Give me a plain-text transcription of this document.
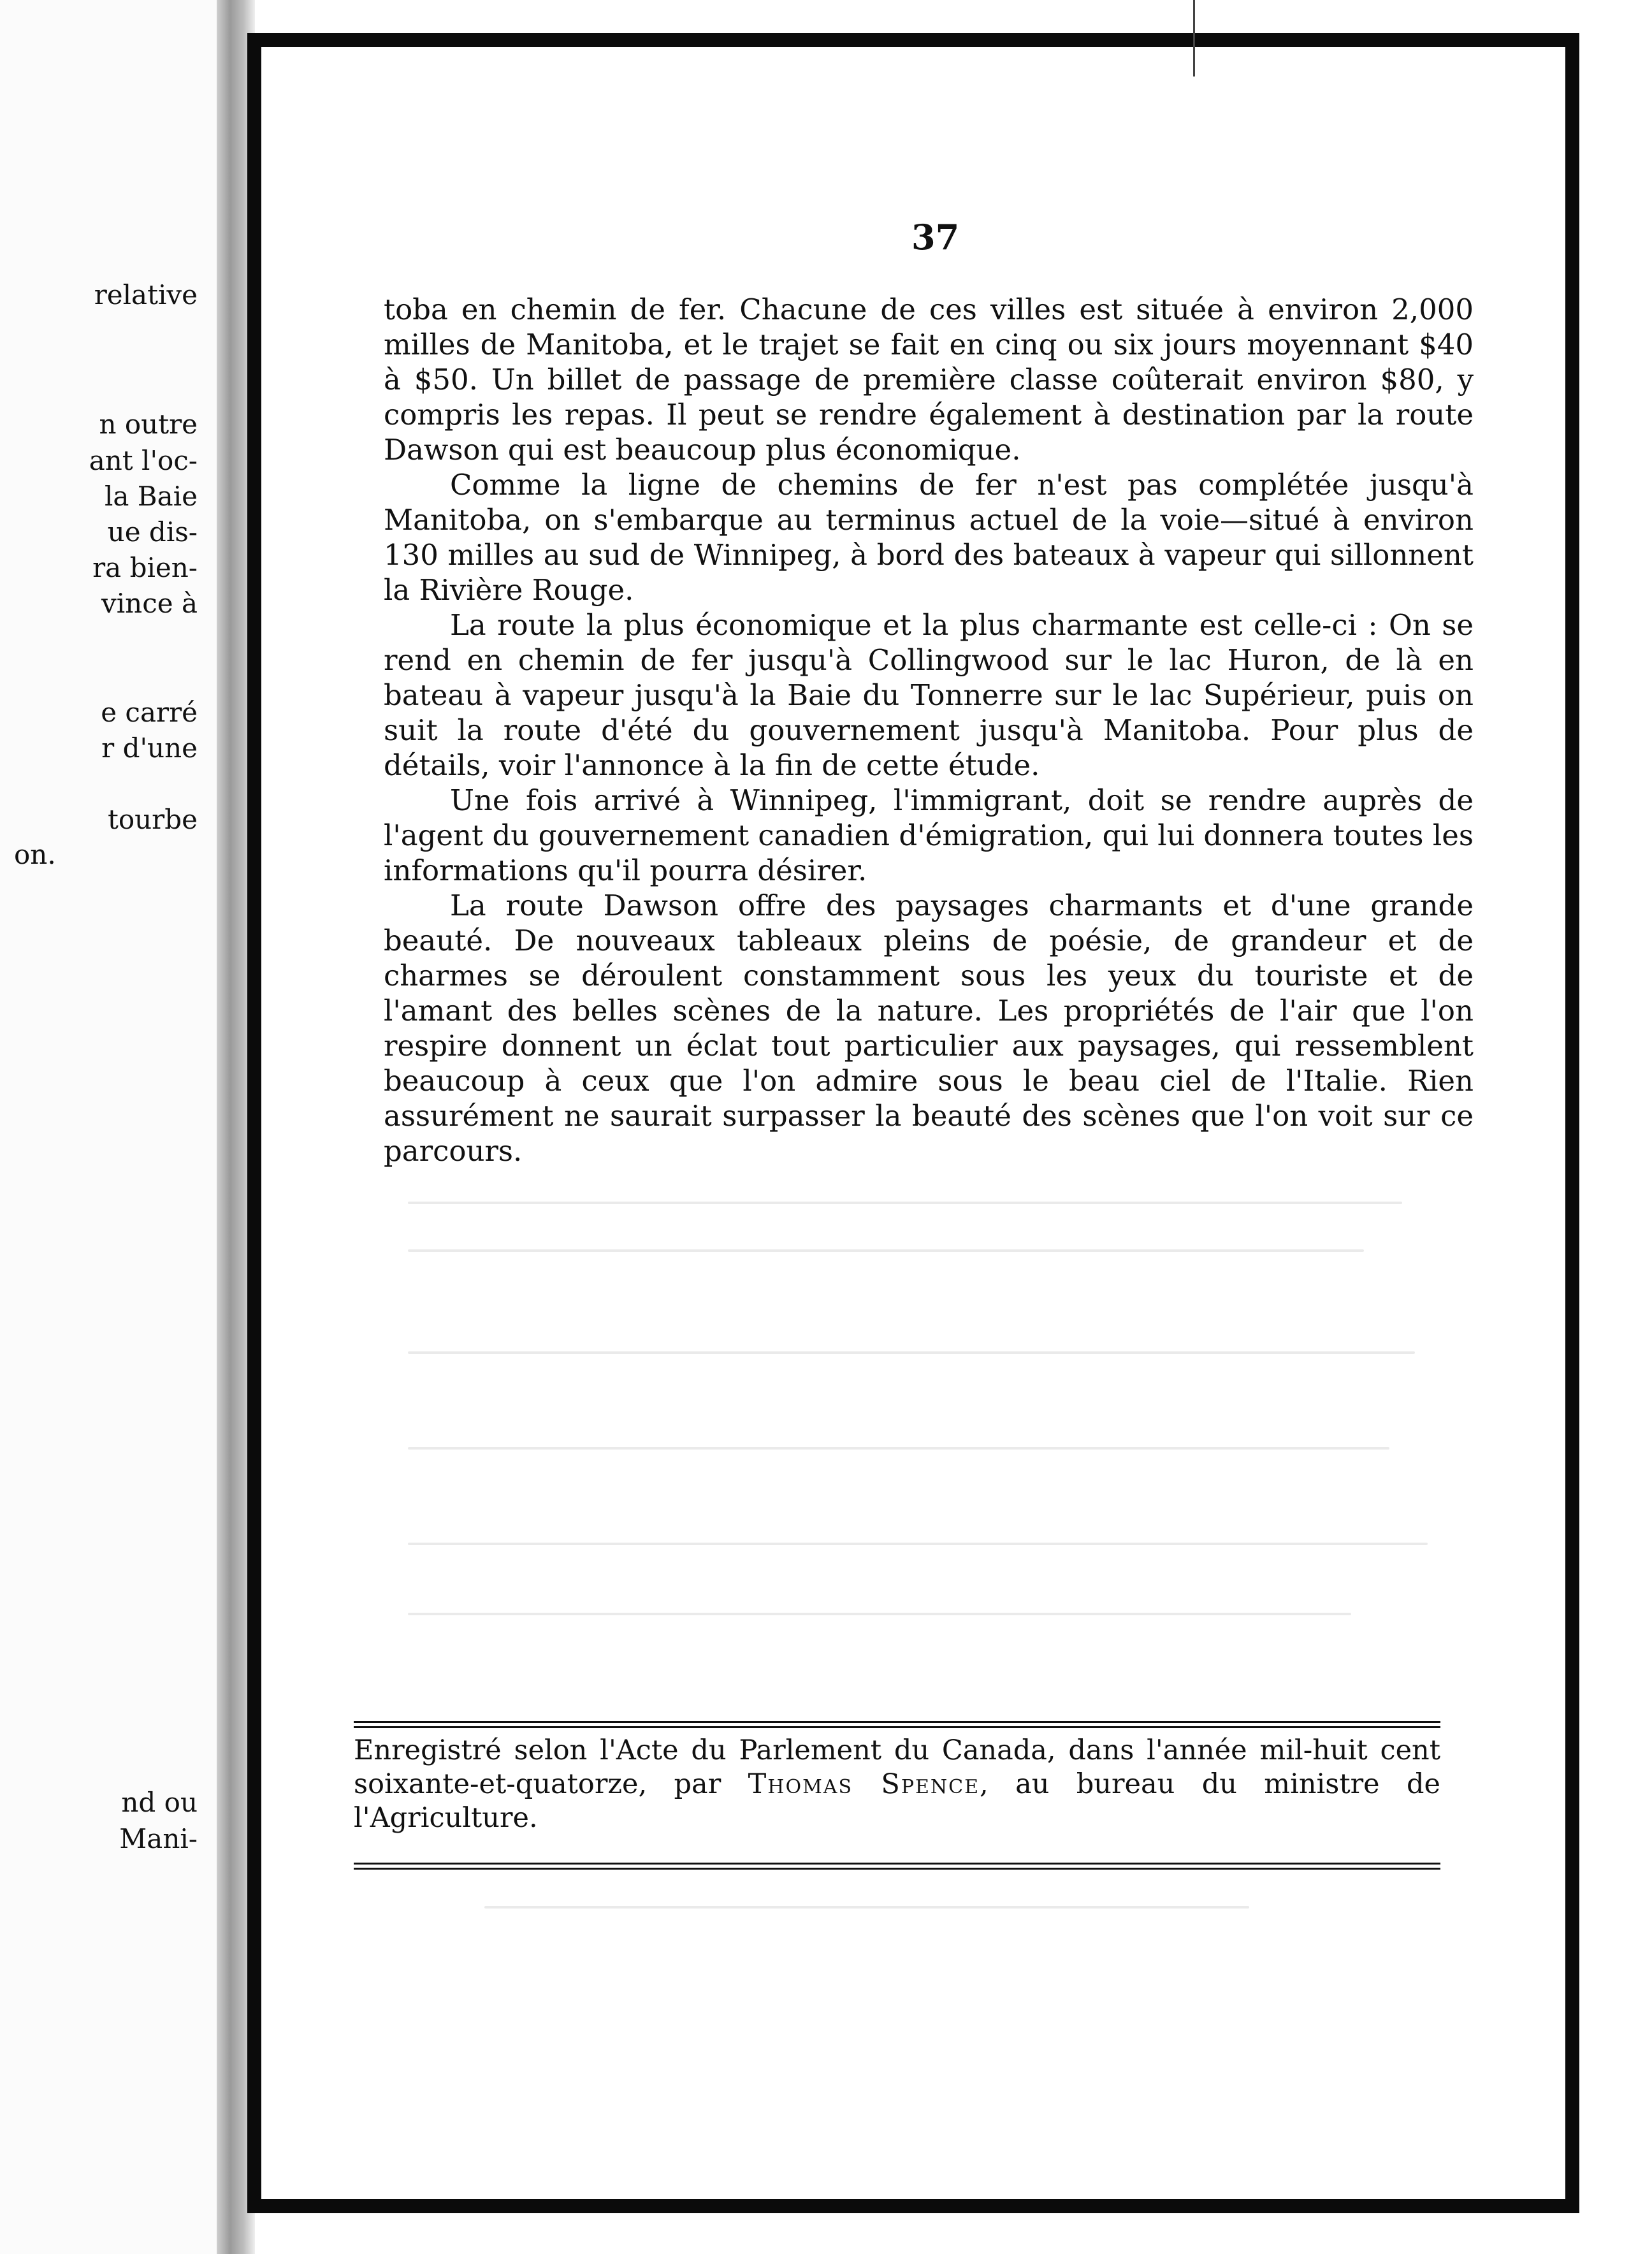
relative
n outre
ant l'oc-
la Baie
ue dis-
ra bien-
vince à
e carré
r d'une
tourbe
on.
nd ou
Mani-
37

toba en chemin de fer. Chacune de ces villes est située à environ 2,000 milles de Manitoba, et le trajet se fait en cinq ou six jours moyennant $40 à $50. Un billet de passage de première classe coûterait environ $80, y compris les repas. Il peut se rendre également à destination par la route Dawson qui est beaucoup plus économique.

Comme la ligne de chemins de fer n'est pas complétée jusqu'à Manitoba, on s'embarque au terminus actuel de la voie—situé à environ 130 milles au sud de Winnipeg, à bord des bateaux à vapeur qui sillonnent la Rivière Rouge.

La route la plus économique et la plus charmante est celle-ci : On se rend en chemin de fer jusqu'à Collingwood sur le lac Huron, de là en bateau à vapeur jusqu'à la Baie du Tonnerre sur le lac Supérieur, puis on suit la route d'été du gouvernement jusqu'à Manitoba. Pour plus de détails, voir l'annonce à la fin de cette étude.

Une fois arrivé à Winnipeg, l'immigrant, doit se rendre auprès de l'agent du gouvernement canadien d'émigration, qui lui donnera toutes les informations qu'il pourra désirer.

La route Dawson offre des paysages charmants et d'une grande beauté. De nouveaux tableaux pleins de poésie, de grandeur et de charmes se déroulent constamment sous les yeux du touriste et de l'amant des belles scènes de la nature. Les propriétés de l'air que l'on respire donnent un éclat tout particulier aux paysages, qui ressemblent beaucoup à ceux que l'on admire sous le beau ciel de l'Italie. Rien assurément ne saurait surpasser la beauté des scènes que l'on voit sur ce parcours.

Enregistré selon l'Acte du Parlement du Canada, dans l'année mil-huit cent soixante-et-quatorze, par Thomas Spence, au bureau du ministre de l'Agriculture.
